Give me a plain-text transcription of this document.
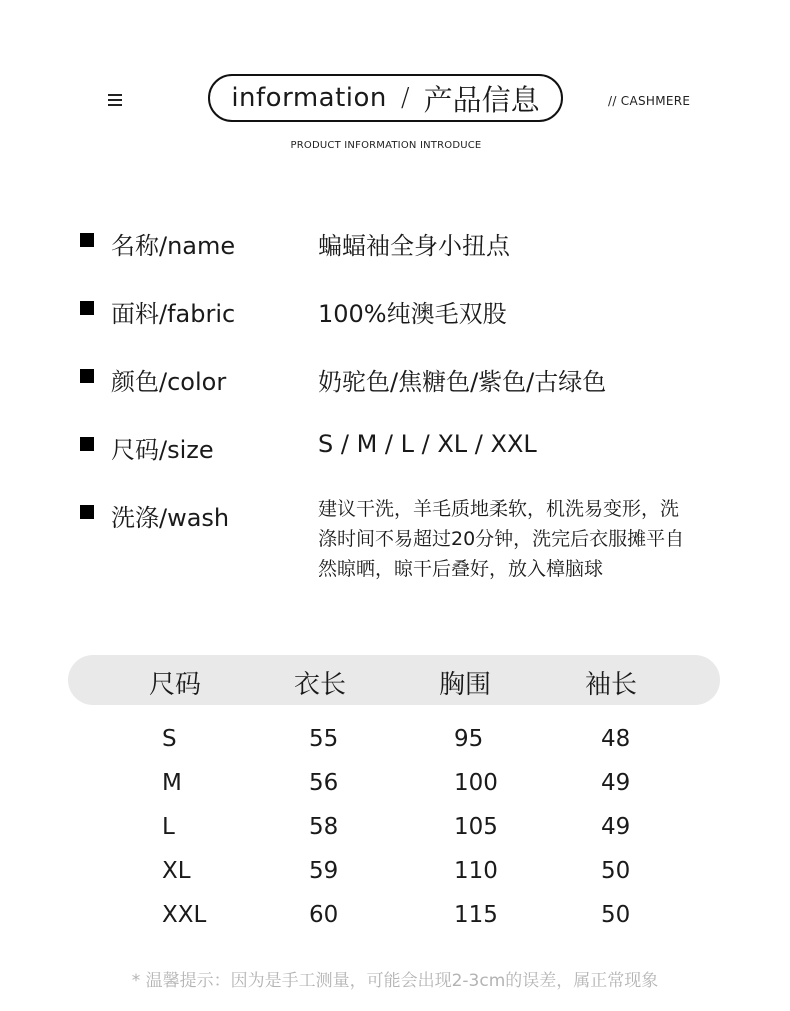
information / 产品信息	// CASHMERE
PRODUCT INFORMATION INTRODUCE
名称/name	蝙蝠袖全身小扭点
面料/fabric	100%纯澳毛双股
颜色/color	奶驼色/焦糖色/紫色/古绿色
尺码/size	S / M / L / XL / XXL
洗涤/wash	建议干洗，羊毛质地柔软，机洗易变形，洗
涤时间不易超过20分钟，洗完后衣服摊平自
然晾晒，晾干后叠好，放入樟脑球
尺码	衣长	胸围	袖长
S	55	95	48
M	56	100	49
L	58	105	49
XL	59	110	50
XXL	60	115	50
* 温馨提示：因为是手工测量，可能会出现2-3cm的误差，属正常现象
